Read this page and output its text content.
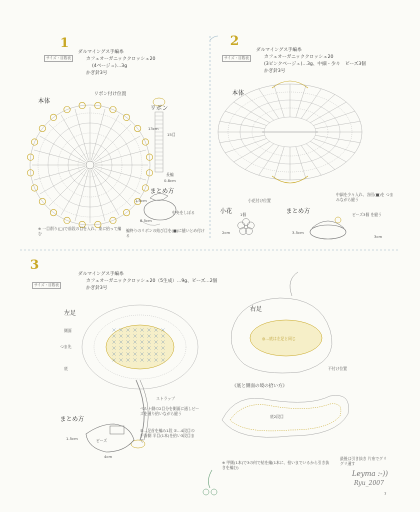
1
サイズ・目数表
ダルマイングス手編糸
カフェオーガニッククロッシェ20
(4ベージュ)…3g
かぎ針3号
本体
リボン付け位置
リボン
13cm
15目
長編
0.8cm
まとめ方
1.5cm
8.5cm
中央をしぼる
編終りのリボンの結び目を(■)に縫いとめ付ける
※ 一目削り(□)で前段の目を入れ、束に拾って編む
2
サイズ・目数表
ダルマイングス手編糸
カフェオーガニッククロッシェ20
(3ピンクベージュ)…3g、中細・少々　ビーズ3個
かぎ針3号
本体
小花 1個
小花付け位置
まとめ方
2cm	3.5cm
3cm
中細を少々入れ、各回(■)を つまみながら縫う
ビーズ3個 を縫う
3
サイズ・目数表
ダルマイングス手編糸
カフェオーガニッククロッシェ20（5生成）…9g、ビーズ…2個
かぎ針3号
左足
右足
つま先
底
側面
◎…底は左足と同じ
ストラップ
不付け位置
まとめ方
1.5cm	ビーズ
4cm
《底と側面の境の拾い方》
底2段目
ベルト側の2目分を側面に通しビーズを通り拾いながら縫う
①…足首を編み1段 ②…4段目の手前側 半目(1本)を拾い3段目まで
※ 甲側(1本)で3の何で結を編(1本に、拾いまでいるから引き抜きを編む)
最後は引き抜き 片糸でグリグリ通す
Leyma :-))
Ryu_2007
7
